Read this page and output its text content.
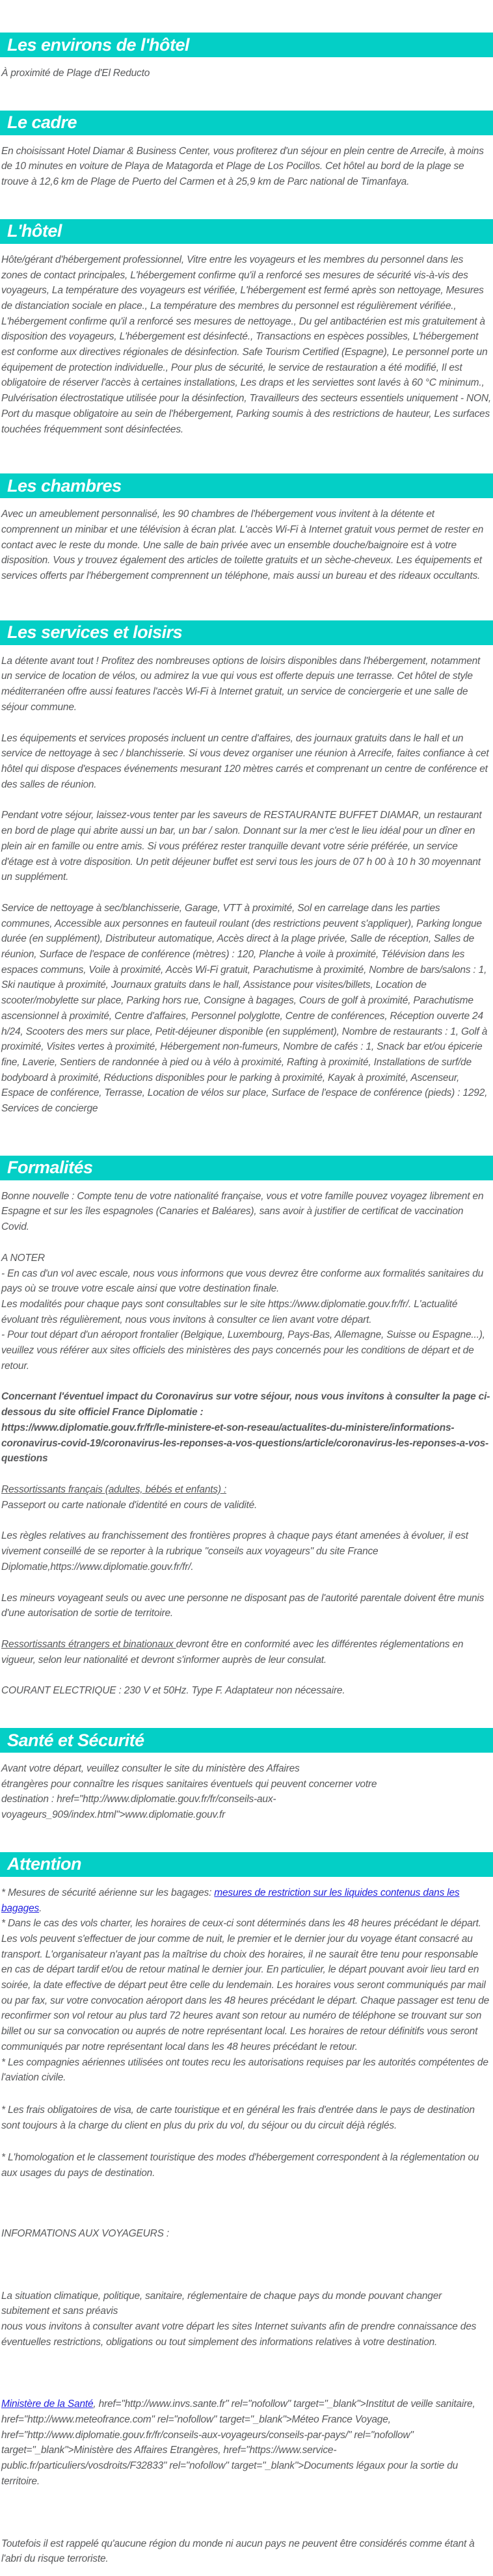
Les environs de l'hôtel

À proximité de Plage d'El Reducto

Le cadre

En choisissant Hotel Diamar & Business Center, vous profiterez d'un séjour en plein centre de Arrecife, à moins de 10 minutes en voiture de Playa de Matagorda et Plage de Los Pocillos. Cet hôtel au bord de la plage se trouve à 12,6 km de Plage de Puerto del Carmen et à 25,9 km de Parc national de Timanfaya.

L'hôtel

Hôte/gérant d'hébergement professionnel, Vitre entre les voyageurs et les membres du personnel dans les zones de contact principales, L'hébergement confirme qu'il a renforcé ses mesures de sécurité vis-à-vis des voyageurs, La température des voyageurs est vérifiée, L'hébergement est fermé après son nettoyage, Mesures de distanciation sociale en place., La température des membres du personnel est régulièrement vérifiée., L'hébergement confirme qu'il a renforcé ses mesures de nettoyage., Du gel antibactérien est mis gratuitement à disposition des voyageurs, L'hébergement est désinfecté., Transactions en espèces possibles, L'hébergement est conforme aux directives régionales de désinfection. Safe Tourism Certified (Espagne), Le personnel porte un équipement de protection individuelle., Pour plus de sécurité, le service de restauration a été modifié, Il est obligatoire de réserver l'accès à certaines installations, Les draps et les serviettes sont lavés à 60 °C minimum., Pulvérisation électrostatique utilisée pour la désinfection, Travailleurs des secteurs essentiels uniquement - NON, Port du masque obligatoire au sein de l'hébergement, Parking soumis à des restrictions de hauteur, Les surfaces touchées fréquemment sont désinfectées.

Les chambres

Avec un ameublement personnalisé, les 90 chambres de l'hébergement vous invitent à la détente et comprennent un minibar et une télévision à écran plat. L'accès Wi-Fi à Internet gratuit vous permet de rester en contact avec le reste du monde. Une salle de bain privée avec un ensemble douche/baignoire est à votre disposition. Vous y trouvez également des articles de toilette gratuits et un sèche-cheveux. Les équipements et services offerts par l'hébergement comprennent un téléphone, mais aussi un bureau et des rideaux occultants.

Les services et loisirs

La détente avant tout ! Profitez des nombreuses options de loisirs disponibles dans l'hébergement, notamment un service de location de vélos, ou admirez la vue qui vous est offerte depuis une terrasse. Cet hôtel de style méditerranéen offre aussi features l'accès Wi-Fi à Internet gratuit, un service de conciergerie et une salle de séjour commune.

Les équipements et services proposés incluent un centre d'affaires, des journaux gratuits dans le hall et un service de nettoyage à sec / blanchisserie. Si vous devez organiser une réunion à Arrecife, faites confiance à cet hôtel qui dispose d'espaces événements mesurant 120 mètres carrés et comprenant un centre de conférence et des salles de réunion.

Pendant votre séjour, laissez-vous tenter par les saveurs de RESTAURANTE BUFFET DIAMAR, un restaurant en bord de plage qui abrite aussi un bar, un bar / salon. Donnant sur la mer c'est le lieu idéal pour un dîner en plein air en famille ou entre amis. Si vous préférez rester tranquille devant votre série préférée, un service d'étage est à votre disposition. Un petit déjeuner buffet est servi tous les jours de 07 h 00 à 10 h 30 moyennant un supplément.

Service de nettoyage à sec/blanchisserie, Garage, VTT à proximité, Sol en carrelage dans les parties communes, Accessible aux personnes en fauteuil roulant (des restrictions peuvent s'appliquer), Parking longue durée (en supplément), Distributeur automatique, Accès direct à la plage privée, Salle de réception, Salles de réunion, Surface de l'espace de conférence (mètres) : 120, Planche à voile à proximité, Télévision dans les espaces communs, Voile à proximité, Accès Wi-Fi gratuit, Parachutisme à proximité, Nombre de bars/salons : 1, Ski nautique à proximité, Journaux gratuits dans le hall, Assistance pour visites/billets, Location de scooter/mobylette sur place, Parking hors rue, Consigne à bagages, Cours de golf à proximité, Parachutisme ascensionnel à proximité, Centre d'affaires, Personnel polyglotte, Centre de conférences, Réception ouverte 24 h/24, Scooters des mers sur place, Petit-déjeuner disponible (en supplément), Nombre de restaurants : 1, Golf à proximité, Visites vertes à proximité, Hébergement non-fumeurs, Nombre de cafés : 1, Snack bar et/ou épicerie fine, Laverie, Sentiers de randonnée à pied ou à vélo à proximité, Rafting à proximité, Installations de surf/de bodyboard à proximité, Réductions disponibles pour le parking à proximité, Kayak à proximité, Ascenseur, Espace de conférence, Terrasse, Location de vélos sur place, Surface de l'espace de conférence (pieds) : 1292, Services de concierge

Formalités

Bonne nouvelle : Compte tenu de votre nationalité française, vous et votre famille pouvez voyagez librement en Espagne et sur les îles espagnoles (Canaries et Baléares), sans avoir à justifier de certificat de vaccination Covid.

A NOTER
- En cas d'un vol avec escale, nous vous informons que vous devrez être conforme aux formalités sanitaires du pays où se trouve votre escale ainsi que votre destination finale.
Les modalités pour chaque pays sont consultables sur le site https://www.diplomatie.gouv.fr/fr/. L'actualité évoluant très régulièrement, nous vous invitons à consulter ce lien avant votre départ.
- Pour tout départ d'un aéroport frontalier (Belgique, Luxembourg, Pays-Bas, Allemagne, Suisse ou Espagne...), veuillez vous référer aux sites officiels des ministères des pays concernés pour les conditions de départ et de retour.

Concernant l'éventuel impact du Coronavirus sur votre séjour, nous vous invitons à consulter la page ci-dessous du site officiel France Diplomatie :
https://www.diplomatie.gouv.fr/fr/le-ministere-et-son-reseau/actualites-du-ministere/informations-coronavirus-covid-19/coronavirus-les-reponses-a-vos-questions/article/coronavirus-les-reponses-a-vos-questions

Ressortissants français (adultes, bébés et enfants) :
Passeport ou carte nationale d'identité en cours de validité.

Les règles relatives au franchissement des frontières propres à chaque pays étant amenées à évoluer, il est vivement conseillé de se reporter à la rubrique "conseils aux voyageurs" du site France Diplomatie,https://www.diplomatie.gouv.fr/fr/.

Les mineurs voyageant seuls ou avec une personne ne disposant pas de l'autorité parentale doivent être munis d'une autorisation de sortie de territoire.

Ressortissants étrangers et binationaux devront être en conformité avec les différentes réglementations en vigueur, selon leur nationalité et devront s'informer auprès de leur consulat.

COURANT ELECTRIQUE : 230 V et 50Hz. Type F. Adaptateur non nécessaire.

Santé et Sécurité

Avant votre départ, veuillez consulter le site du ministère des Affaires
étrangères pour connaître les risques sanitaires éventuels qui peuvent concerner votre
destination : href="http://www.diplomatie.gouv.fr/fr/conseils-aux-voyageurs_909/index.html">www.diplomatie.gouv.fr

Attention

* Mesures de sécurité aérienne sur les bagages: mesures de restriction sur les liquides contenus dans les bagages.
* Dans le cas des vols charter, les horaires de ceux-ci sont déterminés dans les 48 heures précédant le départ. Les vols peuvent s'effectuer de jour comme de nuit, le premier et le dernier jour du voyage étant consacré au transport. L'organisateur n'ayant pas la maîtrise du choix des horaires, il ne saurait être tenu pour responsable en cas de départ tardif et/ou de retour matinal le dernier jour. En particulier, le départ pouvant avoir lieu tard en soirée, la date effective de départ peut être celle du lendemain. Les horaires vous seront communiqués par mail ou par fax, sur votre convocation aéroport dans les 48 heures précédant le départ. Chaque passager est tenu de reconfirmer son vol retour au plus tard 72 heures avant son retour au numéro de téléphone se trouvant sur son billet ou sur sa convocation ou auprés de notre représentant local. Les horaires de retour définitifs vous seront communiqués par notre représentant local dans les 48 heures précédant le retour.
* Les compagnies aériennes utilisées ont toutes recu les autorisations requises par les autorités compétentes de l'aviation civile.

* Les frais obligatoires de visa, de carte touristique et en général les frais d'entrée dans le pays de destination sont toujours à la charge du client en plus du prix du vol, du séjour ou du circuit déjà réglés.

* L'homologation et le classement touristique des modes d'hébergement correspondent à la réglementation ou aux usages du pays de destination.

INFORMATIONS AUX VOYAGEURS :

La situation climatique, politique, sanitaire, réglementaire de chaque pays du monde pouvant changer subitement et sans préavis
nous vous invitons à consulter avant votre départ les sites Internet suivants afin de prendre connaissance des éventuelles restrictions, obligations ou tout simplement des informations relatives à votre destination.

Ministère de la Santé, href="http://www.invs.sante.fr" rel="nofollow" target="_blank">Institut de veille sanitaire, href="http://www.meteofrance.com" rel="nofollow" target="_blank">Méteo France Voyage, href="http://www.diplomatie.gouv.fr/fr/conseils-aux-voyageurs/conseils-par-pays/" rel="nofollow" target="_blank">Ministère des Affaires Etrangères, href="https://www.service-public.fr/particuliers/vosdroits/F32833" rel="nofollow" target="_blank">Documents légaux pour la sortie du territoire.

Toutefois il est rappelé qu'aucune région du monde ni aucun pays ne peuvent être considérés comme étant à l'abri du risque terroriste.
